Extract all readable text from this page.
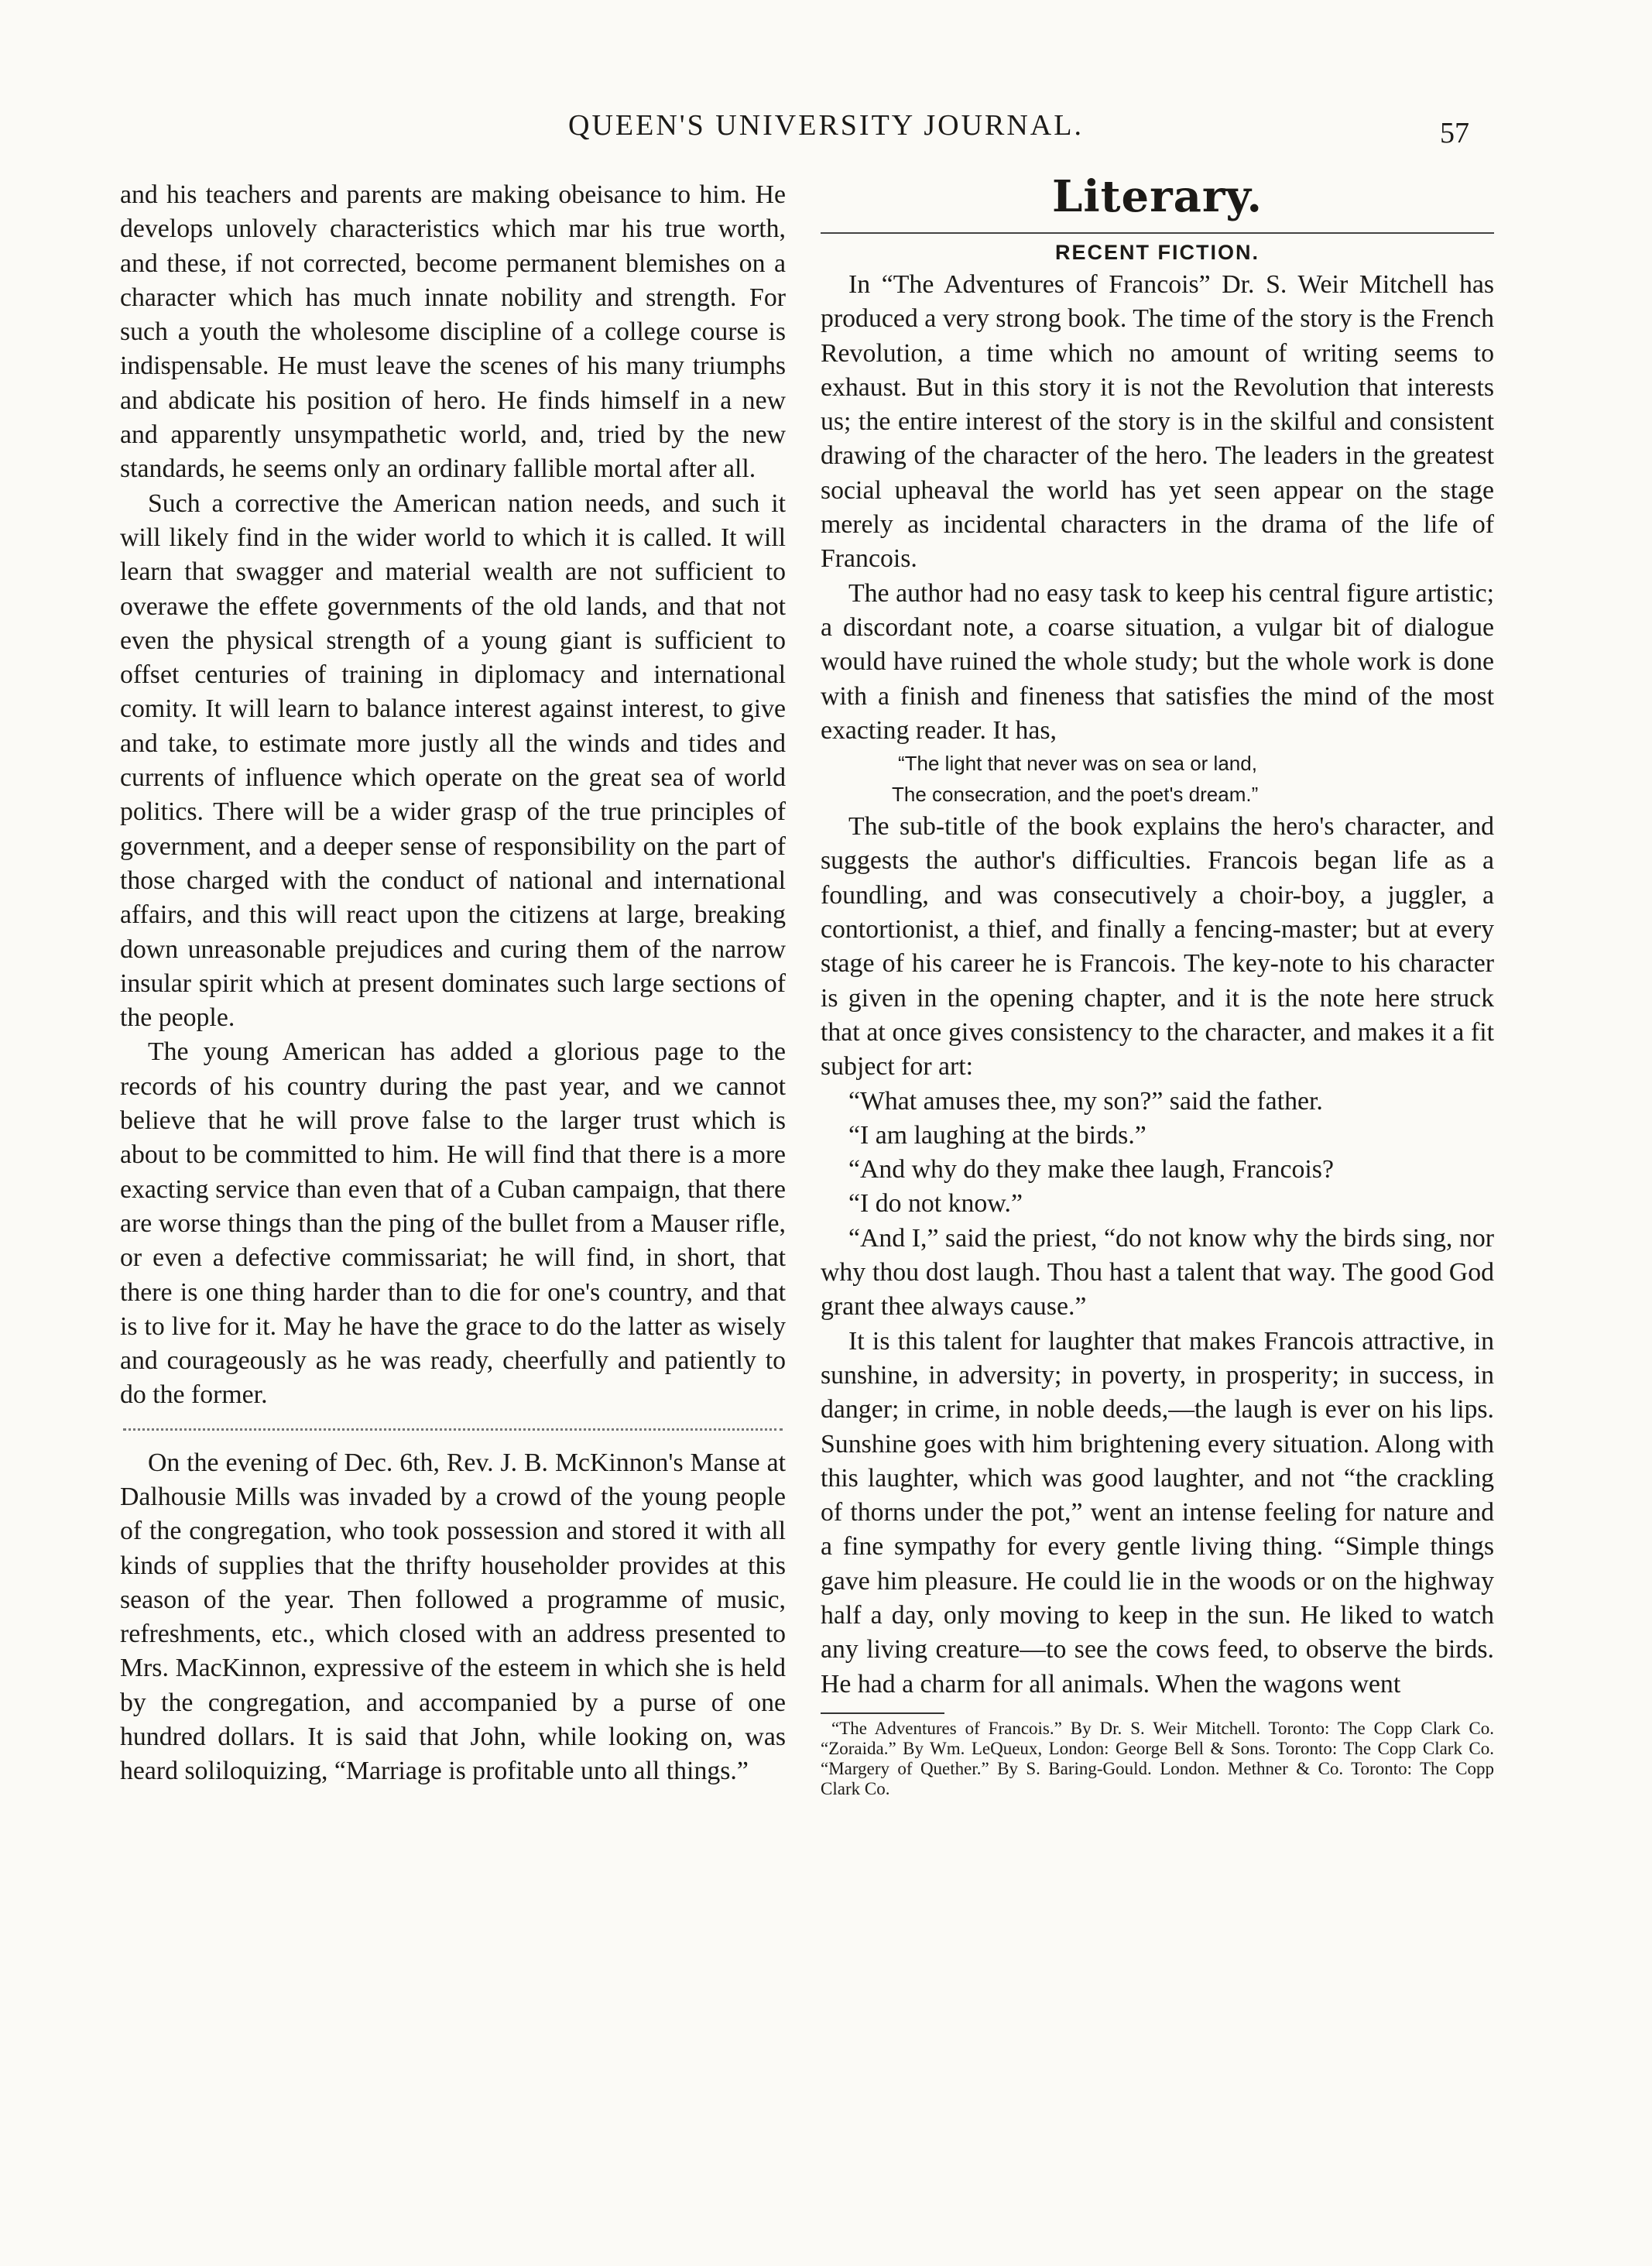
QUEEN'S UNIVERSITY JOURNAL.	57

and his teachers and parents are making obeisance to him. He develops unlovely characteristics which mar his true worth, and these, if not corrected, become permanent blemishes on a character which has much innate nobility and strength. For such a youth the wholesome discipline of a college course is indispensable. He must leave the scenes of his many triumphs and abdicate his position of hero. He finds himself in a new and apparently unsympathetic world, and, tried by the new standards, he seems only an ordinary fallible mortal after all.

Such a corrective the American nation needs, and such it will likely find in the wider world to which it is called. It will learn that swagger and material wealth are not sufficient to overawe the effete governments of the old lands, and that not even the physical strength of a young giant is sufficient to offset centuries of training in diplomacy and international comity. It will learn to balance interest against interest, to give and take, to estimate more justly all the winds and tides and currents of influence which operate on the great sea of world politics. There will be a wider grasp of the true principles of government, and a deeper sense of responsibility on the part of those charged with the conduct of national and international affairs, and this will react upon the citizens at large, breaking down unreasonable prejudices and curing them of the narrow insular spirit which at present dominates such large sections of the people.

The young American has added a glorious page to the records of his country during the past year, and we cannot believe that he will prove false to the larger trust which is about to be committed to him. He will find that there is a more exacting service than even that of a Cuban campaign, that there are worse things than the ping of the bullet from a Mauser rifle, or even a defective commissariat; he will find, in short, that there is one thing harder than to die for one's country, and that is to live for it. May he have the grace to do the latter as wisely and courageously as he was ready, cheerfully and patiently to do the former.

On the evening of Dec. 6th, Rev. J. B. McKinnon's Manse at Dalhousie Mills was invaded by a crowd of the young people of the congregation, who took possession and stored it with all kinds of supplies that the thrifty householder provides at this season of the year. Then followed a programme of music, refreshments, etc., which closed with an address presented to Mrs. MacKinnon, expressive of the esteem in which she is held by the congregation, and accompanied by a purse of one hundred dollars. It is said that John, while looking on, was heard soliloquizing, “Marriage is profitable unto all things.”

Literary.
RECENT FICTION.

In “The Adventures of Francois” Dr. S. Weir Mitchell has produced a very strong book. The time of the story is the French Revolution, a time which no amount of writing seems to exhaust. But in this story it is not the Revolution that interests us; the entire interest of the story is in the skilful and consistent drawing of the character of the hero. The leaders in the greatest social upheaval the world has yet seen appear on the stage merely as incidental characters in the drama of the life of Francois.

The author had no easy task to keep his central figure artistic; a discordant note, a coarse situation, a vulgar bit of dialogue would have ruined the whole study; but the whole work is done with a finish and fineness that satisfies the mind of the most exacting reader. It has,

“The light that never was on sea or land,
The consecration, and the poet's dream.”

The sub-title of the book explains the hero's character, and suggests the author's difficulties. Francois began life as a foundling, and was consecutively a choir-boy, a juggler, a contortionist, a thief, and finally a fencing-master; but at every stage of his career he is Francois. The key-note to his character is given in the opening chapter, and it is the note here struck that at once gives consistency to the character, and makes it a fit subject for art:

“What amuses thee, my son?” said the father.

“I am laughing at the birds.”

“And why do they make thee laugh, Francois?

“I do not know.”

“And I,” said the priest, “do not know why the birds sing, nor why thou dost laugh. Thou hast a talent that way. The good God grant thee always cause.”

It is this talent for laughter that makes Francois attractive, in sunshine, in adversity; in poverty, in prosperity; in success, in danger; in crime, in noble deeds,—the laugh is ever on his lips. Sunshine goes with him brightening every situation. Along with this laughter, which was good laughter, and not “the crackling of thorns under the pot,” went an intense feeling for nature and a fine sympathy for every gentle living thing. “Simple things gave him pleasure. He could lie in the woods or on the highway half a day, only moving to keep in the sun. He liked to watch any living creature—to see the cows feed, to observe the birds. He had a charm for all animals. When the wagons went

“The Adventures of Francois.” By Dr. S. Weir Mitchell. Toronto: The Copp Clark Co. “Zoraida.” By Wm. LeQueux, London: George Bell & Sons. Toronto: The Copp Clark Co. “Margery of Quether.” By S. Baring-Gould. London. Methner & Co. Toronto: The Copp Clark Co.
